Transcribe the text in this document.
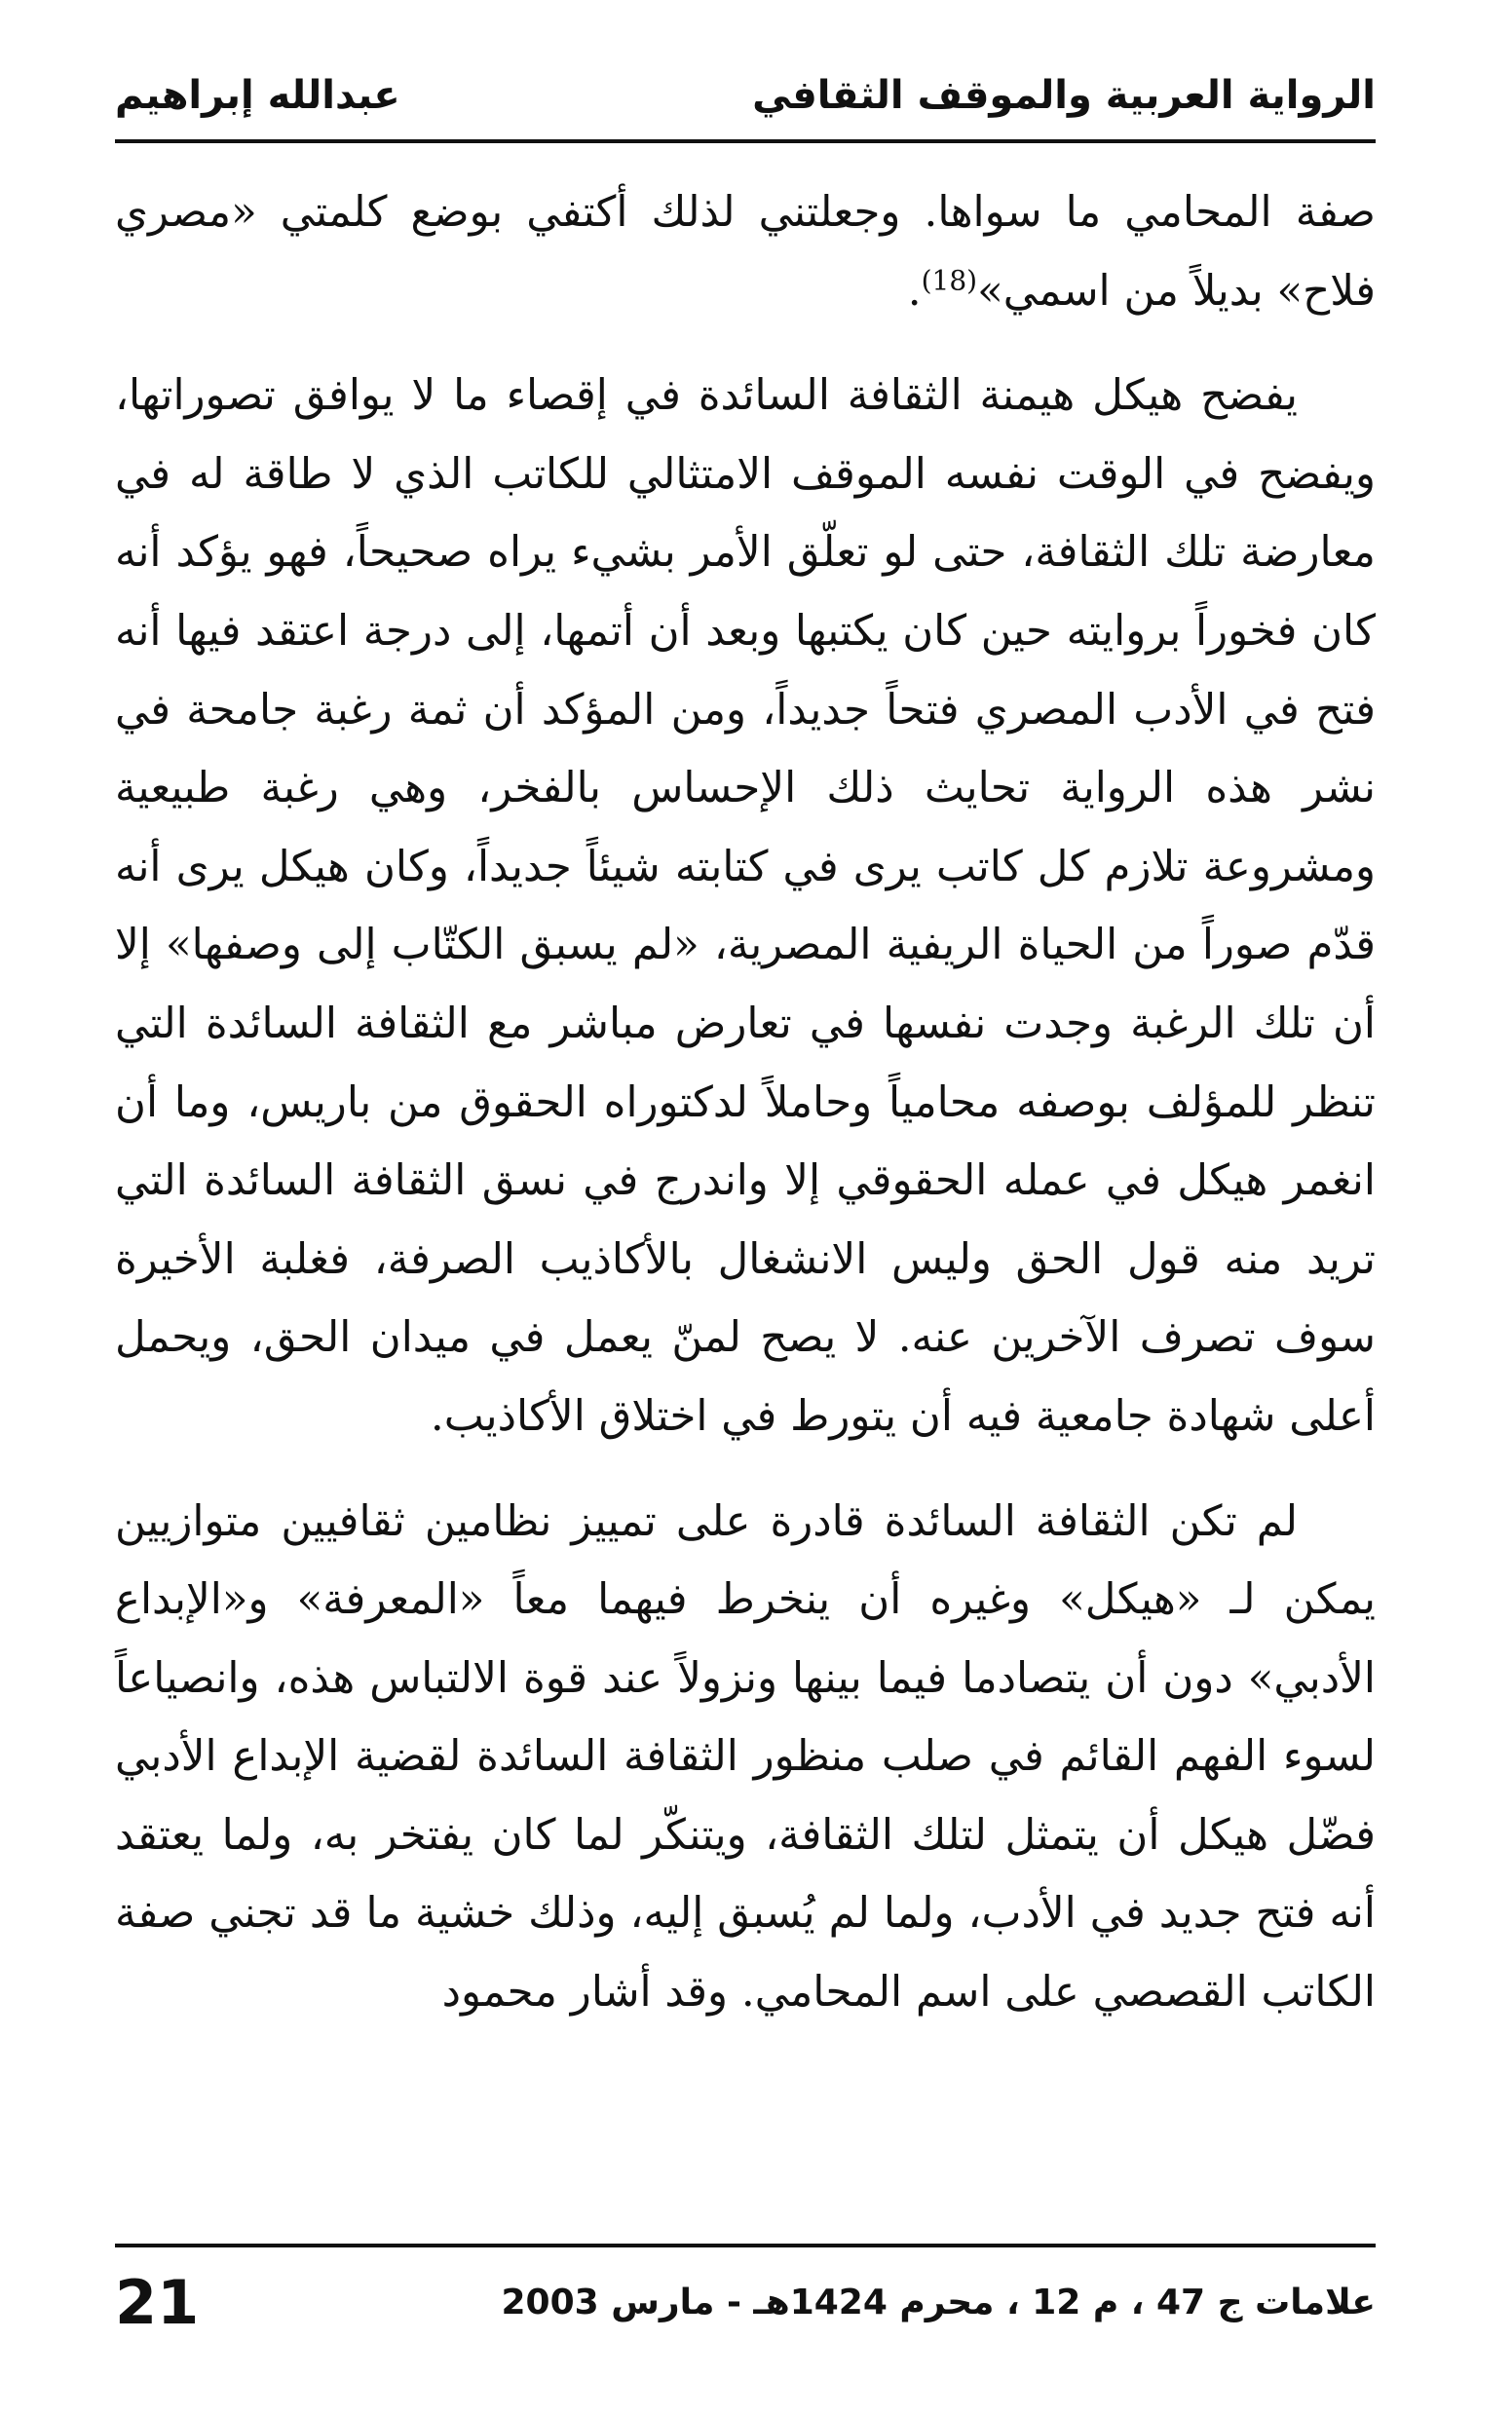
الرواية العربية والموقف الثقافي
عبدالله إبراهيم

صفة المحامي ما سواها. وجعلتني لذلك أكتفي بوضع كلمتي «مصري فلاح» بديلاً من اسمي»$^{(18)}$.

يفضح هيكل هيمنة الثقافة السائدة في إقصاء ما لا يوافق تصوراتها، ويفضح في الوقت نفسه الموقف الامتثالي للكاتب الذي لا طاقة له في معارضة تلك الثقافة، حتى لو تعلّق الأمر بشيء يراه صحيحاً، فهو يؤكد أنه كان فخوراً بروايته حين كان يكتبها وبعد أن أتمها، إلى درجة اعتقد فيها أنه فتح في الأدب المصري فتحاً جديداً، ومن المؤكد أن ثمة رغبة جامحة في نشر هذه الرواية تحايث ذلك الإحساس بالفخر، وهي رغبة طبيعية ومشروعة تلازم كل كاتب يرى في كتابته شيئاً جديداً، وكان هيكل يرى أنه قدّم صوراً من الحياة الريفية المصرية، «لم يسبق الكتّاب إلى وصفها» إلا أن تلك الرغبة وجدت نفسها في تعارض مباشر مع الثقافة السائدة التي تنظر للمؤلف بوصفه محامياً وحاملاً لدكتوراه الحقوق من باريس، وما أن انغمر هيكل في عمله الحقوقي إلا واندرج في نسق الثقافة السائدة التي تريد منه قول الحق وليس الانشغال بالأكاذيب الصرفة، فغلبة الأخيرة سوف تصرف الآخرين عنه. لا يصح لمنّ يعمل في ميدان الحق، ويحمل أعلى شهادة جامعية فيه أن يتورط في اختلاق الأكاذيب.

لم تكن الثقافة السائدة قادرة على تمييز نظامين ثقافيين متوازيين يمكن لـ «هيكل» وغيره أن ينخرط فيهما معاً «المعرفة» و«الإبداع الأدبي» دون أن يتصادما فيما بينها ونزولاً عند قوة الالتباس هذه، وانصياعاً لسوء الفهم القائم في صلب منظور الثقافة السائدة لقضية الإبداع الأدبي فضّل هيكل أن يتمثل لتلك الثقافة، ويتنكّر لما كان يفتخر به، ولما يعتقد أنه فتح جديد في الأدب، ولما لم يُسبق إليه، وذلك خشية ما قد تجني صفة الكاتب القصصي على اسم المحامي. وقد أشار محمود

علامات ج 47 ، م 12 ، محرم 1424هـ - مارس 2003
21
